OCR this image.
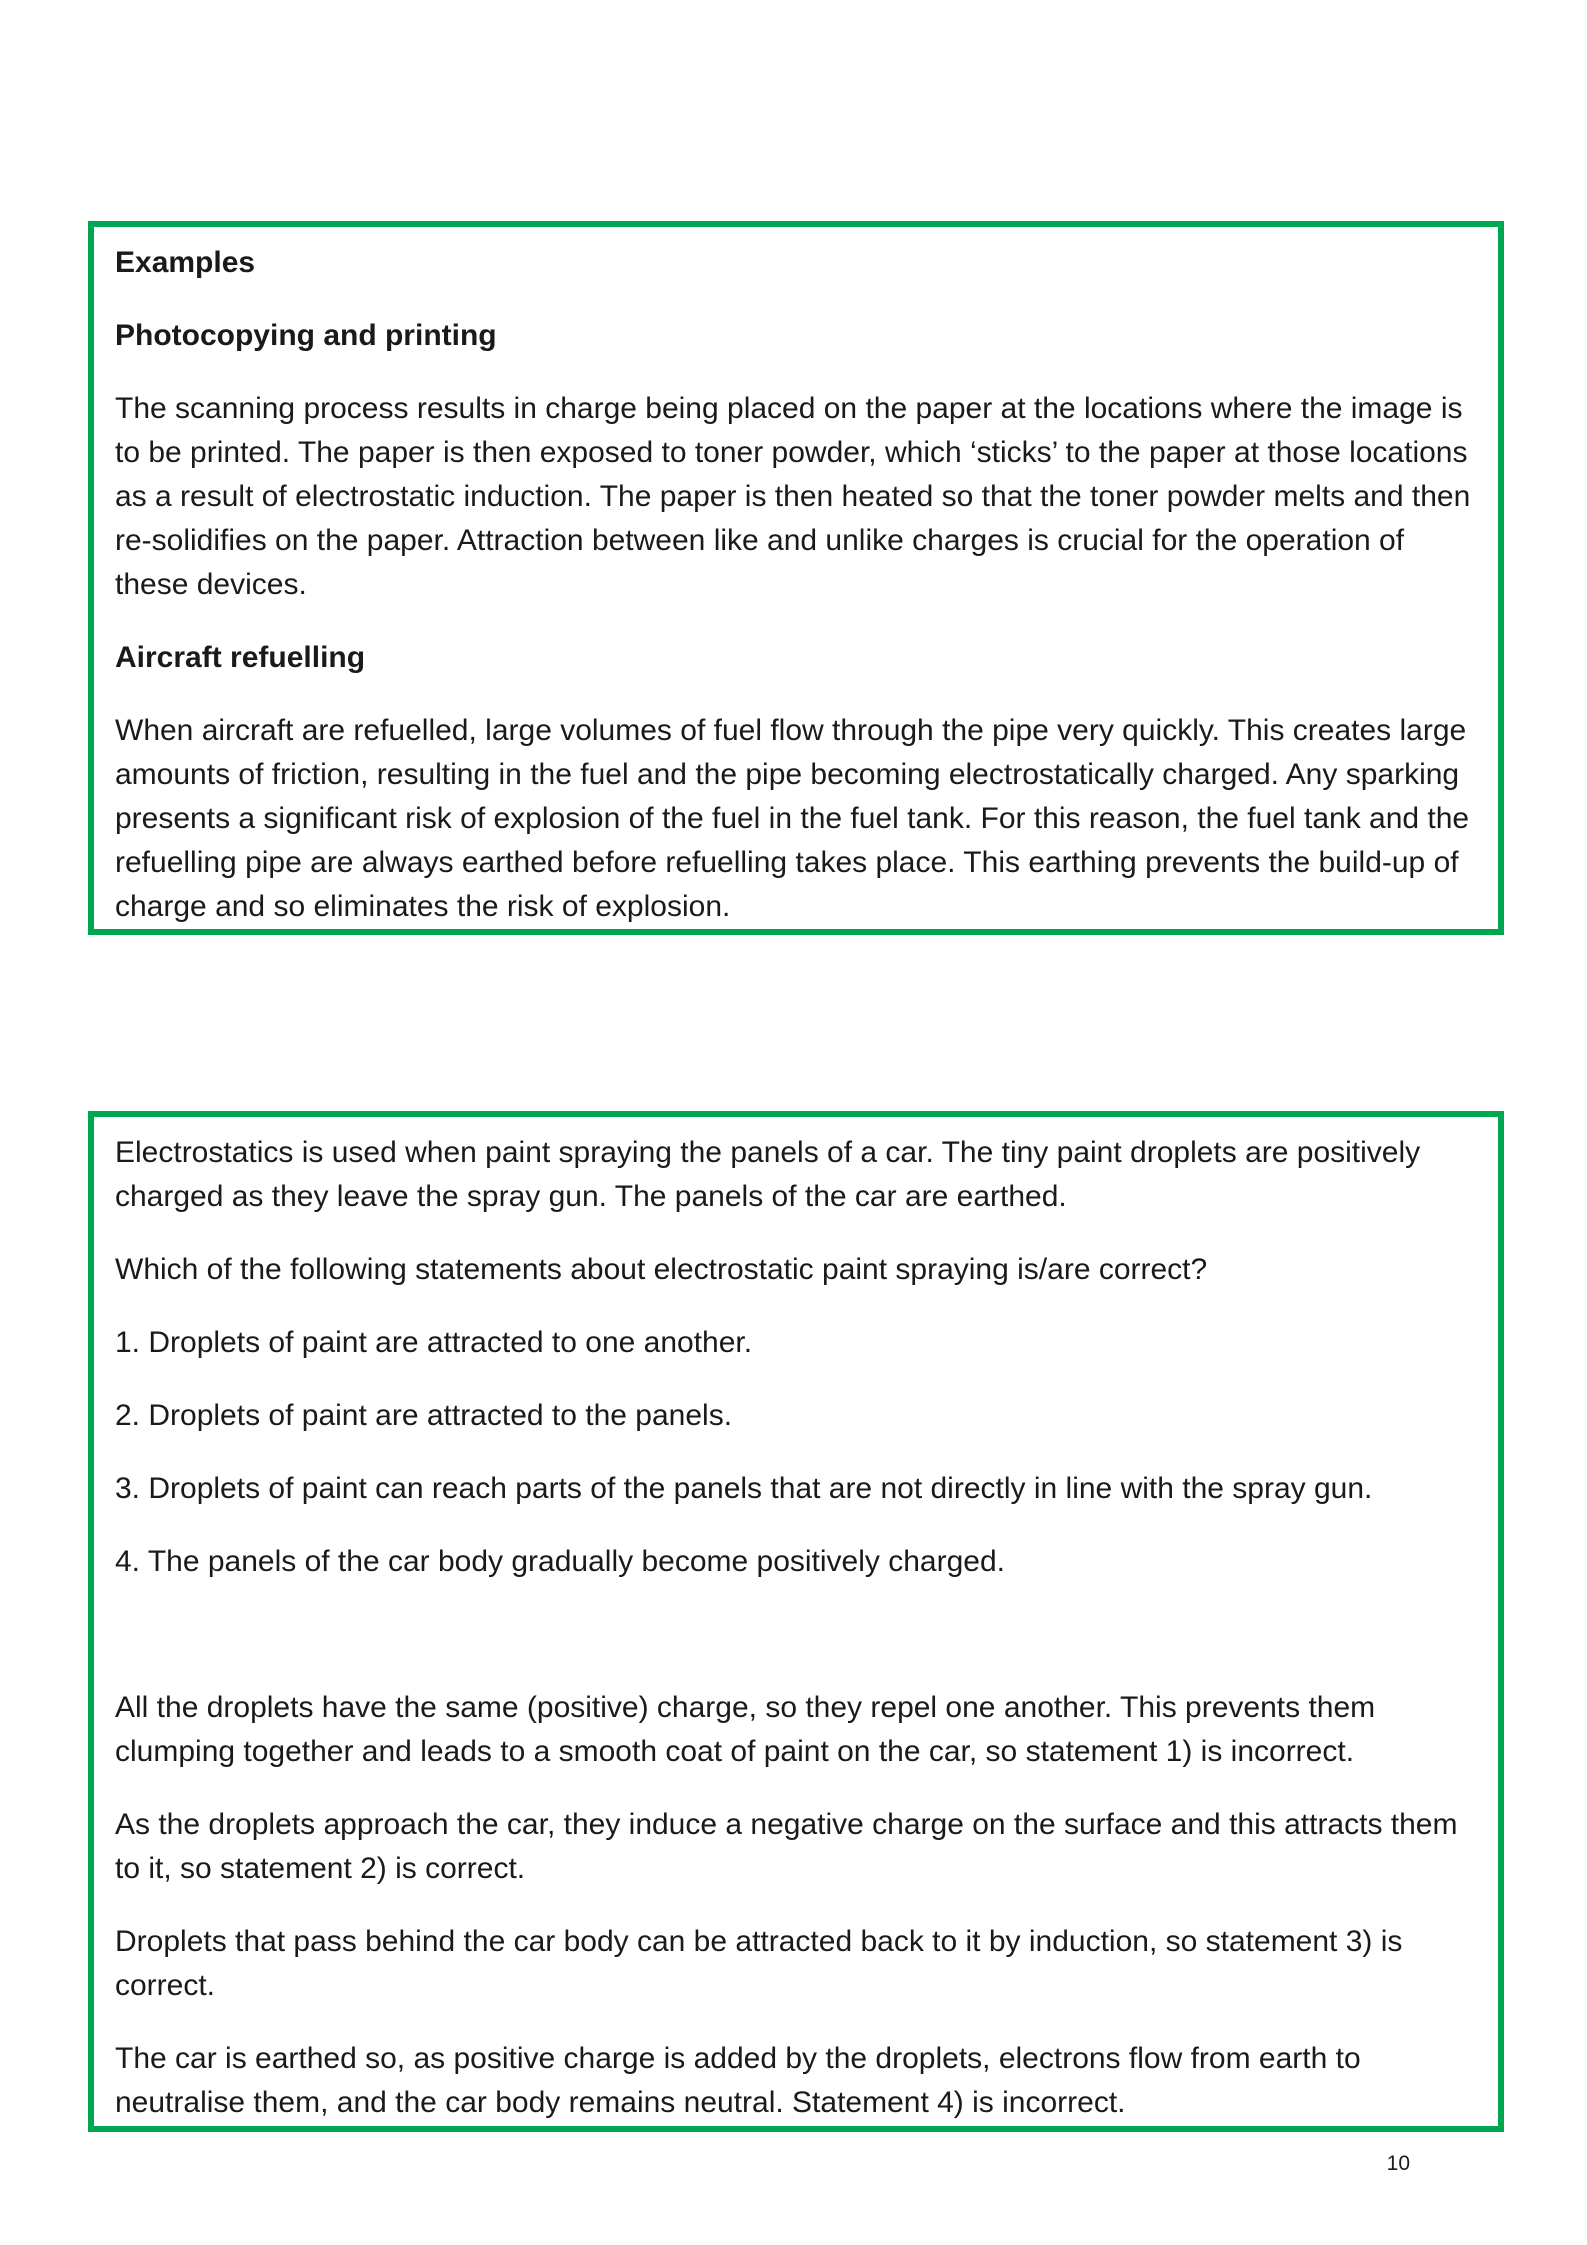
Examples

Photocopying and printing

The scanning process results in charge being placed on the paper at the locations where the image is to be printed. The paper is then exposed to toner powder, which ‘sticks’ to the paper at those locations as a result of electrostatic induction. The paper is then heated so that the toner powder melts and then re-solidifies on the paper. Attraction between like and unlike charges is crucial for the operation of these devices.

Aircraft refuelling

When aircraft are refuelled, large volumes of fuel flow through the pipe very quickly. This creates large amounts of friction, resulting in the fuel and the pipe becoming electrostatically charged. Any sparking presents a significant risk of explosion of the fuel in the fuel tank. For this reason, the fuel tank and the refuelling pipe are always earthed before refuelling takes place. This earthing prevents the build-up of charge and so eliminates the risk of explosion.

Electrostatics is used when paint spraying the panels of a car. The tiny paint droplets are positively charged as they leave the spray gun. The panels of the car are earthed.

Which of the following statements about electrostatic paint spraying is/are correct?

1. Droplets of paint are attracted to one another.

2. Droplets of paint are attracted to the panels.

3. Droplets of paint can reach parts of the panels that are not directly in line with the spray gun.

4. The panels of the car body gradually become positively charged.

All the droplets have the same (positive) charge, so they repel one another. This prevents them clumping together and leads to a smooth coat of paint on the car, so statement 1) is incorrect.

As the droplets approach the car, they induce a negative charge on the surface and this attracts them to it, so statement 2) is correct.

Droplets that pass behind the car body can be attracted back to it by induction, so statement 3) is correct.

The car is earthed so, as positive charge is added by the droplets, electrons flow from earth to neutralise them, and the car body remains neutral. Statement 4) is incorrect.

10
